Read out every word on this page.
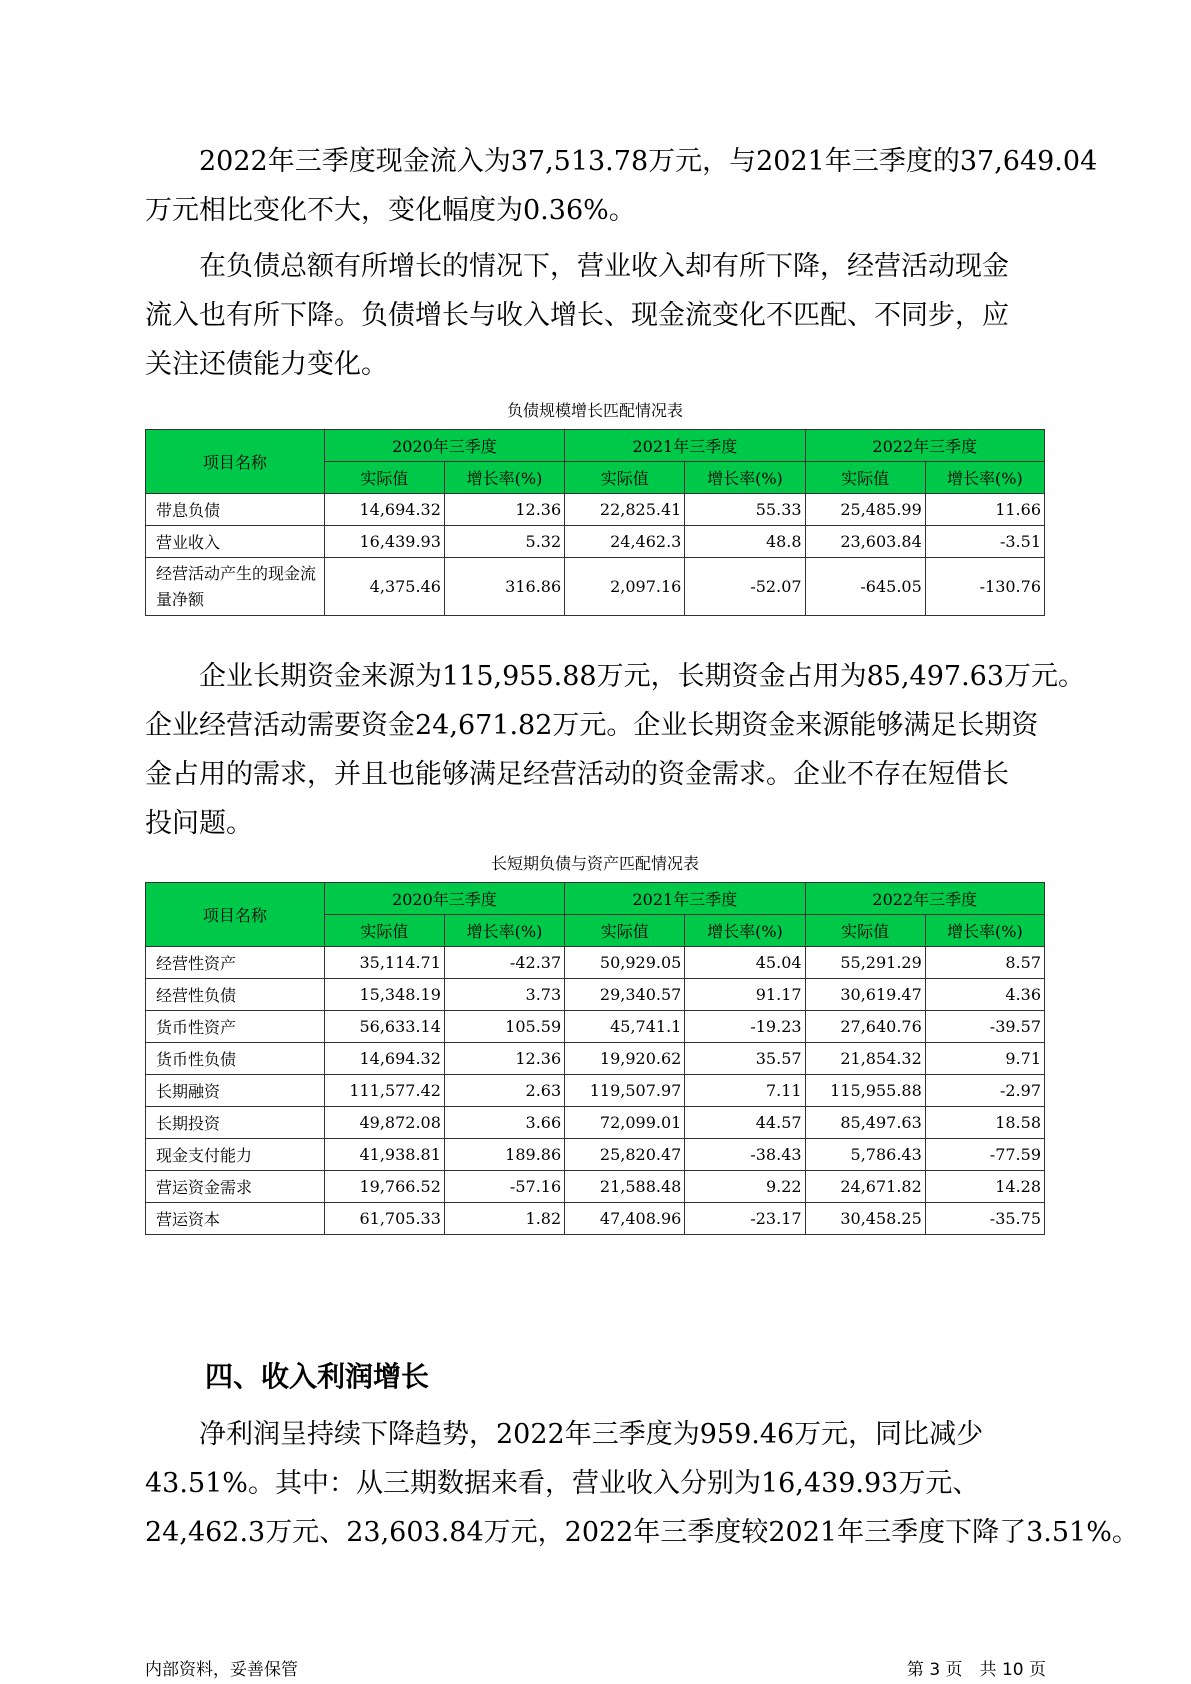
　　2022年三季度现金流入为37,513.78万元，与2021年三季度的37,649.04
万元相比变化不大，变化幅度为0.36%。
　　在负债总额有所增长的情况下，营业收入却有所下降，经营活动现金
流入也有所下降。负债增长与收入增长、现金流变化不匹配、不同步，应
关注还债能力变化。
负债规模增长匹配情况表
项目名称	2020年三季度		2021年三季度		2022年三季度	
	实际值	增长率(%)	实际值	增长率(%)	实际值	增长率(%)
带息负债	14,694.32	12.36	22,825.41	55.33	25,485.99	11.66
营业收入	16,439.93	5.32	24,462.3	48.8	23,603.84	-3.51
经营活动产生的现金流量净额	4,375.46	316.86	2,097.16	-52.07	-645.05	-130.76
　　企业长期资金来源为115,955.88万元，长期资金占用为85,497.63万元。
企业经营活动需要资金24,671.82万元。企业长期资金来源能够满足长期资
金占用的需求，并且也能够满足经营活动的资金需求。企业不存在短借长
投问题。
长短期负债与资产匹配情况表
项目名称	2020年三季度		2021年三季度		2022年三季度	
	实际值	增长率(%)	实际值	增长率(%)	实际值	增长率(%)
经营性资产	35,114.71	-42.37	50,929.05	45.04	55,291.29	8.57
经营性负债	15,348.19	3.73	29,340.57	91.17	30,619.47	4.36
货币性资产	56,633.14	105.59	45,741.1	-19.23	27,640.76	-39.57
货币性负债	14,694.32	12.36	19,920.62	35.57	21,854.32	9.71
长期融资	111,577.42	2.63	119,507.97	7.11	115,955.88	-2.97
长期投资	49,872.08	3.66	72,099.01	44.57	85,497.63	18.58
现金支付能力	41,938.81	189.86	25,820.47	-38.43	5,786.43	-77.59
营运资金需求	19,766.52	-57.16	21,588.48	9.22	24,671.82	14.28
营运资本	61,705.33	1.82	47,408.96	-23.17	30,458.25	-35.75
四、收入利润增长
　　净利润呈持续下降趋势，2022年三季度为959.46万元，同比减少
43.51%。其中：从三期数据来看，营业收入分别为16,439.93万元、
24,462.3万元、23,603.84万元，2022年三季度较2021年三季度下降了3.51%。
内部资料，妥善保管	第 3 页　共 10 页
